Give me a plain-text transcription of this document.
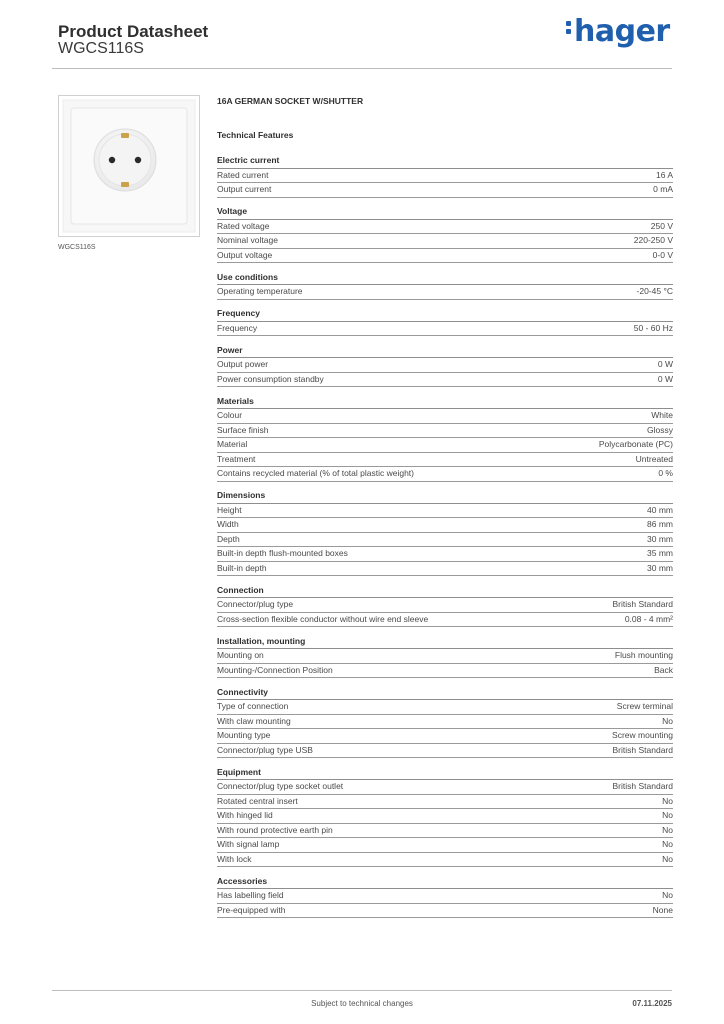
Product Datasheet
WGCS116S	hager
WGCS116S
16A GERMAN SOCKET W/SHUTTER
Technical Features
Electric current
Rated current	16 A
Output current	0 mA
Voltage
Rated voltage	250 V
Nominal voltage	220-250 V
Output voltage	0-0 V
Use conditions
Operating temperature	-20-45 °C
Frequency
Frequency	50 - 60 Hz
Power
Output power	0 W
Power consumption standby	0 W
Materials
Colour	White
Surface finish	Glossy
Material	Polycarbonate (PC)
Treatment	Untreated
Contains recycled material (% of total plastic weight)	0 %
Dimensions
Height	40 mm
Width	86 mm
Depth	30 mm
Built-in depth flush-mounted boxes	35 mm
Built-in depth	30 mm
Connection
Connector/plug type	British Standard
Cross-section flexible conductor without wire end sleeve	0.08 - 4 mm²
Installation, mounting
Mounting on	Flush mounting
Mounting-/Connection Position	Back
Connectivity
Type of connection	Screw terminal
With claw mounting	No
Mounting type	Screw mounting
Connector/plug type USB	British Standard
Equipment
Connector/plug type socket outlet	British Standard
Rotated central insert	No
With hinged lid	No
With round protective earth pin	No
With signal lamp	No
With lock	No
Accessories
Has labelling field	No
Pre-equipped with	None
Subject to technical changes	07.11.2025
